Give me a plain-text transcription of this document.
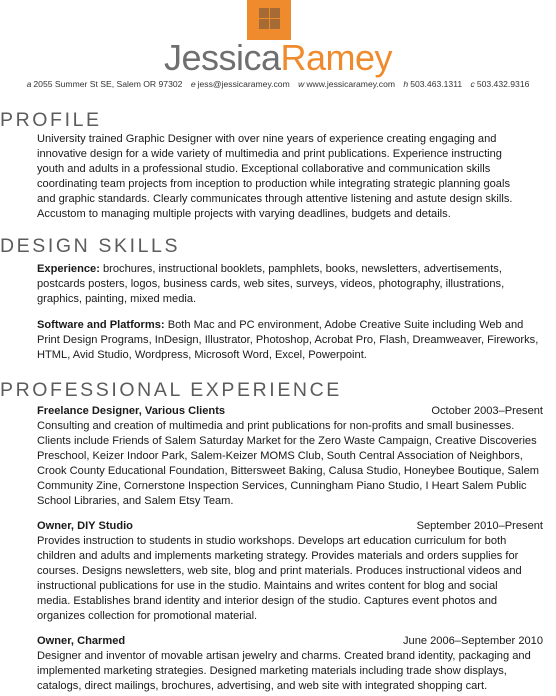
JessicaRamey
a 2055 Summer St SE, Salem OR 97302 e jess@jessicaramey.com w www.jessicaramey.com h 503.463.1311 c 503.432.9316
PROFILE

University trained Graphic Designer with over nine years of experience creating engaging and

innovative design for a wide variety of multimedia and print publications. Experience instructing

youth and adults in a professional studio. Exceptional collaborative and communication skills

coordinating team projects from inception to production while integrating strategic planning goals

and graphic standards. Clearly communicates through attentive listening and astute design skills.

Accustom to managing multiple projects with varying deadlines, budgets and details.

DESIGN SKILLS

Experience: brochures, instructional booklets, pamphlets, books, newsletters, advertisements,

postcards posters, logos, business cards, web sites, surveys, videos, photography, illustrations,

graphics, painting, mixed media.

Software and Platforms: Both Mac and PC environment, Adobe Creative Suite including Web and

Print Design Programs, InDesign, Illustrator, Photoshop, Acrobat Pro, Flash, Dreamweaver, Fireworks,

HTML, Avid Studio, Wordpress, Microsoft Word, Excel, Powerpoint.

PROFESSIONAL EXPERIENCE
Freelance Designer, Various Clients	October 2003–Present

Consulting and creation of multimedia and print publications for non-profits and small businesses.

Clients include Friends of Salem Saturday Market for the Zero Waste Campaign, Creative Discoveries

Preschool, Keizer Indoor Park, Salem-Keizer MOMS Club, South Central Association of Neighbors,

Crook County Educational Foundation, Bittersweet Baking, Calusa Studio, Honeybee Boutique, Salem

Community Zine, Cornerstone Inspection Services, Cunningham Piano Studio, I Heart Salem Public

School Libraries, and Salem Etsy Team.

Owner, DIY Studio	September 2010–Present

Provides instruction to students in studio workshops. Develops art education curriculum for both

children and adults and implements marketing strategy. Provides materials and orders supplies for

courses. Designs newsletters, web site, blog and print materials. Produces instructional videos and

instructional publications for use in the studio. Maintains and writes content for blog and social

media. Establishes brand identity and interior design of the studio. Captures event photos and

organizes collection for promotional material.

Owner, Charmed	June 2006–September 2010

Designer and inventor of movable artisan jewelry and charms. Created brand identity, packaging and

implemented marketing strategies. Designed marketing materials including trade show displays,

catalogs, direct mailings, brochures, advertising, and web site with integrated shopping cart.
